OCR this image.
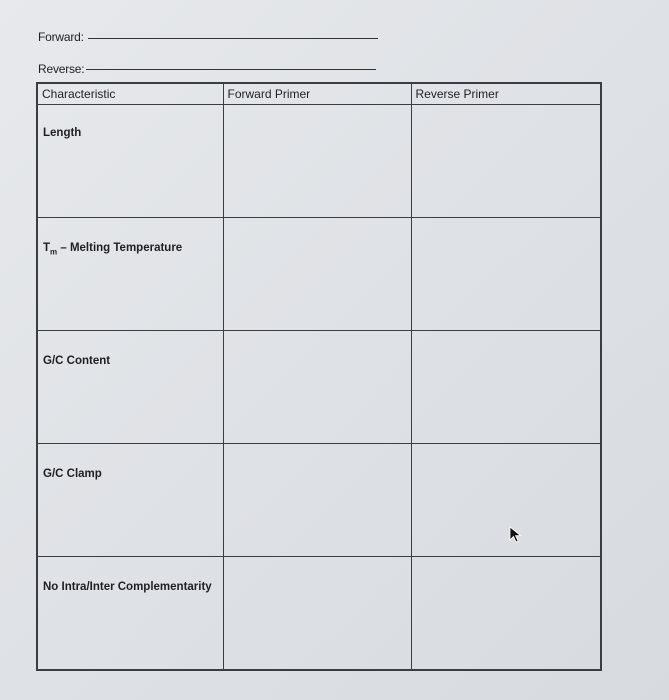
Forward:
Reverse:
Characteristic	Forward Primer	Reverse Primer
Length		
$T_m$ – Melting Temperature		
G/C Content		
G/C Clamp		
No Intra/Inter Complementarity		
